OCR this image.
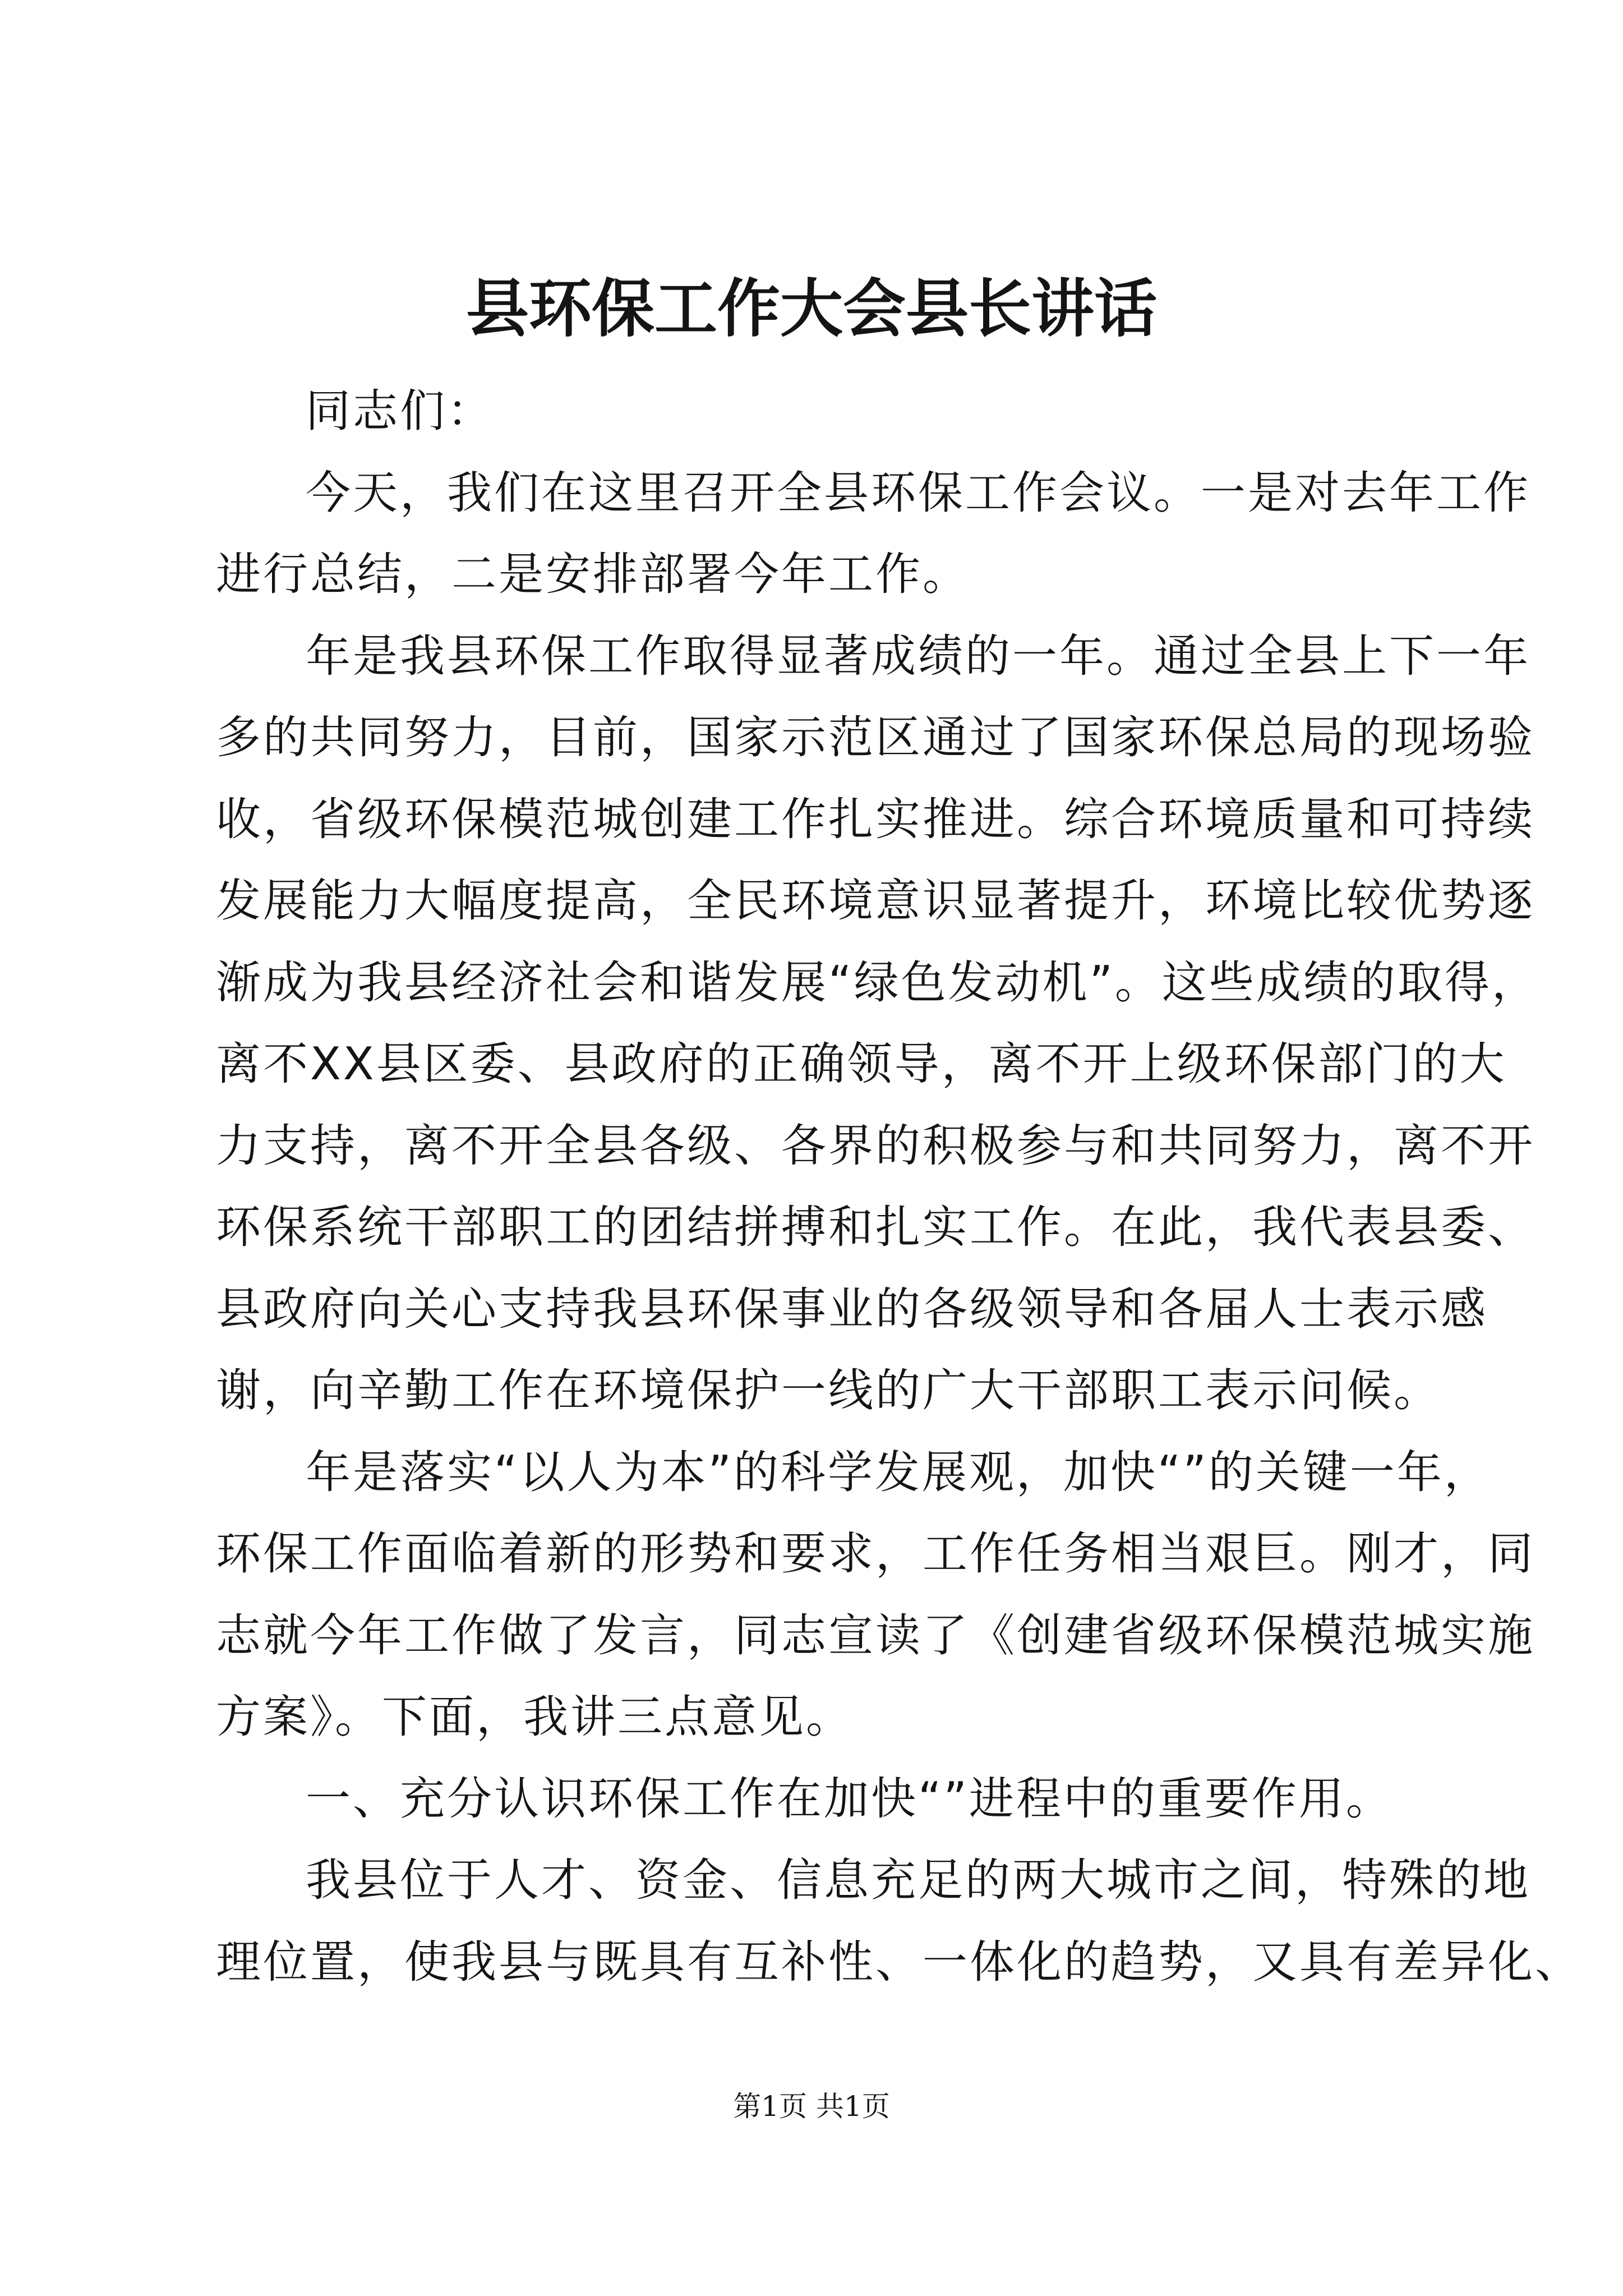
县环保工作大会县长讲话
同志们：
今天，我们在这里召开全县环保工作会议。一是对去年工作
进行总结，二是安排部署今年工作。
年是我县环保工作取得显著成绩的一年。通过全县上下一年
多的共同努力，目前，国家示范区通过了国家环保总局的现场验
收，省级环保模范城创建工作扎实推进。综合环境质量和可持续
发展能力大幅度提高，全民环境意识显著提升，环境比较优势逐
渐成为我县经济社会和谐发展“绿色发动机”。这些成绩的取得，
离不XX县区委、县政府的正确领导，离不开上级环保部门的大
力支持，离不开全县各级、各界的积极参与和共同努力，离不开
环保系统干部职工的团结拼搏和扎实工作。在此，我代表县委、
县政府向关心支持我县环保事业的各级领导和各届人士表示感
谢，向辛勤工作在环境保护一线的广大干部职工表示问候。
年是落实“以人为本”的科学发展观，加快“”的关键一年，
环保工作面临着新的形势和要求，工作任务相当艰巨。刚才，同
志就今年工作做了发言，同志宣读了《创建省级环保模范城实施
方案》。下面，我讲三点意见。
一、充分认识环保工作在加快“”进程中的重要作用。
我县位于人才、资金、信息充足的两大城市之间，特殊的地
理位置，使我县与既具有互补性、一体化的趋势，又具有差异化、
第1页 共1页
